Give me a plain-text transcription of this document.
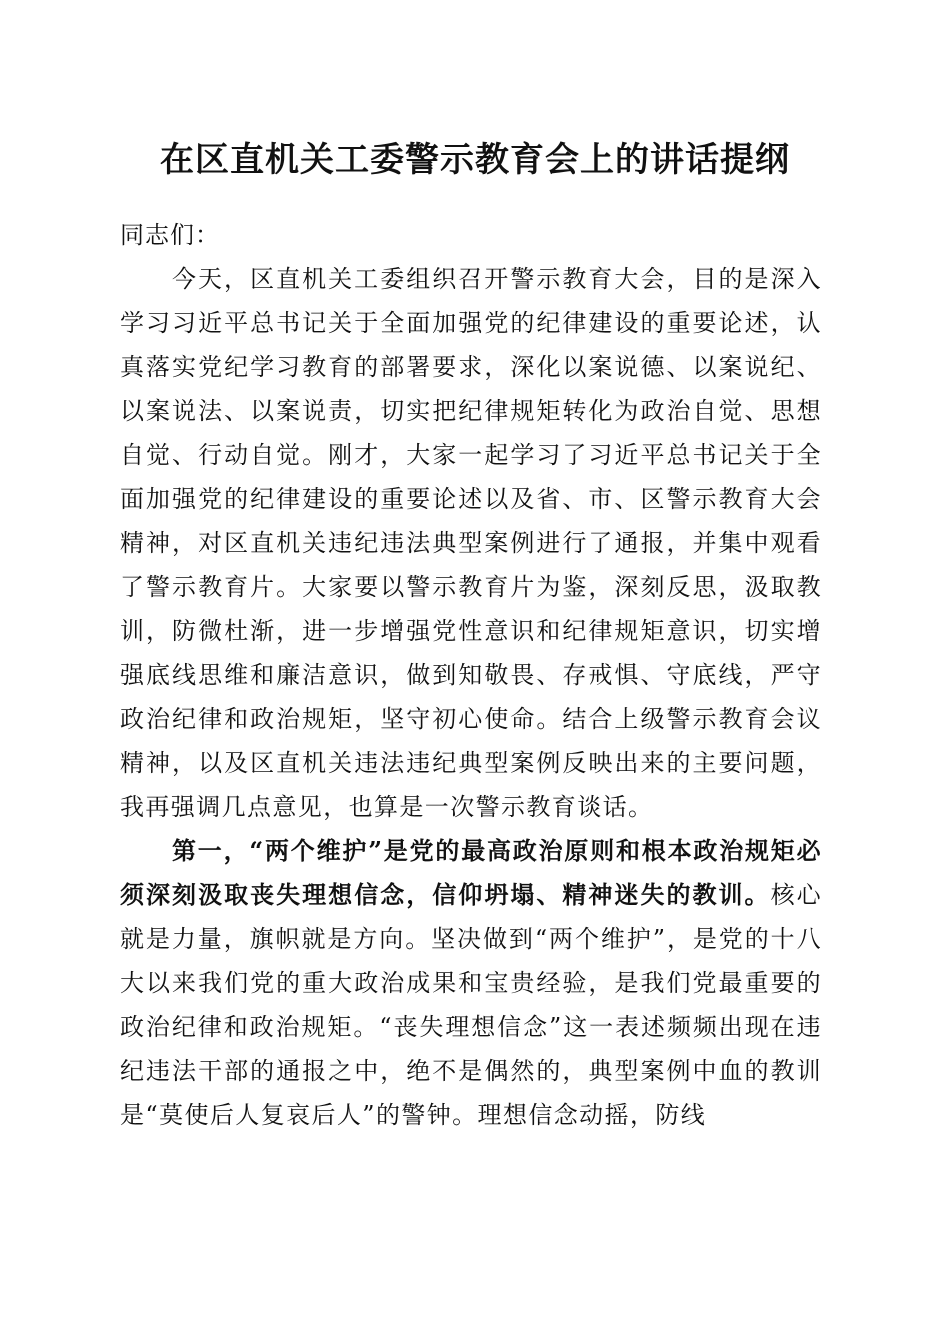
在区直机关工委警示教育会上的讲话提纲

同志们：

今天，区直机关工委组织召开警示教育大会，目的是深入学习习近平总书记关于全面加强党的纪律建设的重要论述，认真落实党纪学习教育的部署要求，深化以案说德、以案说纪、以案说法、以案说责，切实把纪律规矩转化为政治自觉、思想自觉、行动自觉。刚才，大家一起学习了习近平总书记关于全面加强党的纪律建设的重要论述以及省、市、区警示教育大会精神，对区直机关违纪违法典型案例进行了通报，并集中观看了警示教育片。大家要以警示教育片为鉴，深刻反思，汲取教训，防微杜渐，进一步增强党性意识和纪律规矩意识，切实增强底线思维和廉洁意识，做到知敬畏、存戒惧、守底线，严守政治纪律和政治规矩，坚守初心使命。结合上级警示教育会议精神，以及区直机关违法违纪典型案例反映出来的主要问题，我再强调几点意见，也算是一次警示教育谈话。

第一，“两个维护”是党的最高政治原则和根本政治规矩必须深刻汲取丧失理想信念，信仰坍塌、精神迷失的教训。核心就是力量，旗帜就是方向。坚决做到“两个维护”，是党的十八大以来我们党的重大政治成果和宝贵经验，是我们党最重要的政治纪律和政治规矩。“丧失理想信念”这一表述频频出现在违纪违法干部的通报之中，绝不是偶然的，典型案例中血的教训是“莫使后人复哀后人”的警钟。理想信念动摇，防线
